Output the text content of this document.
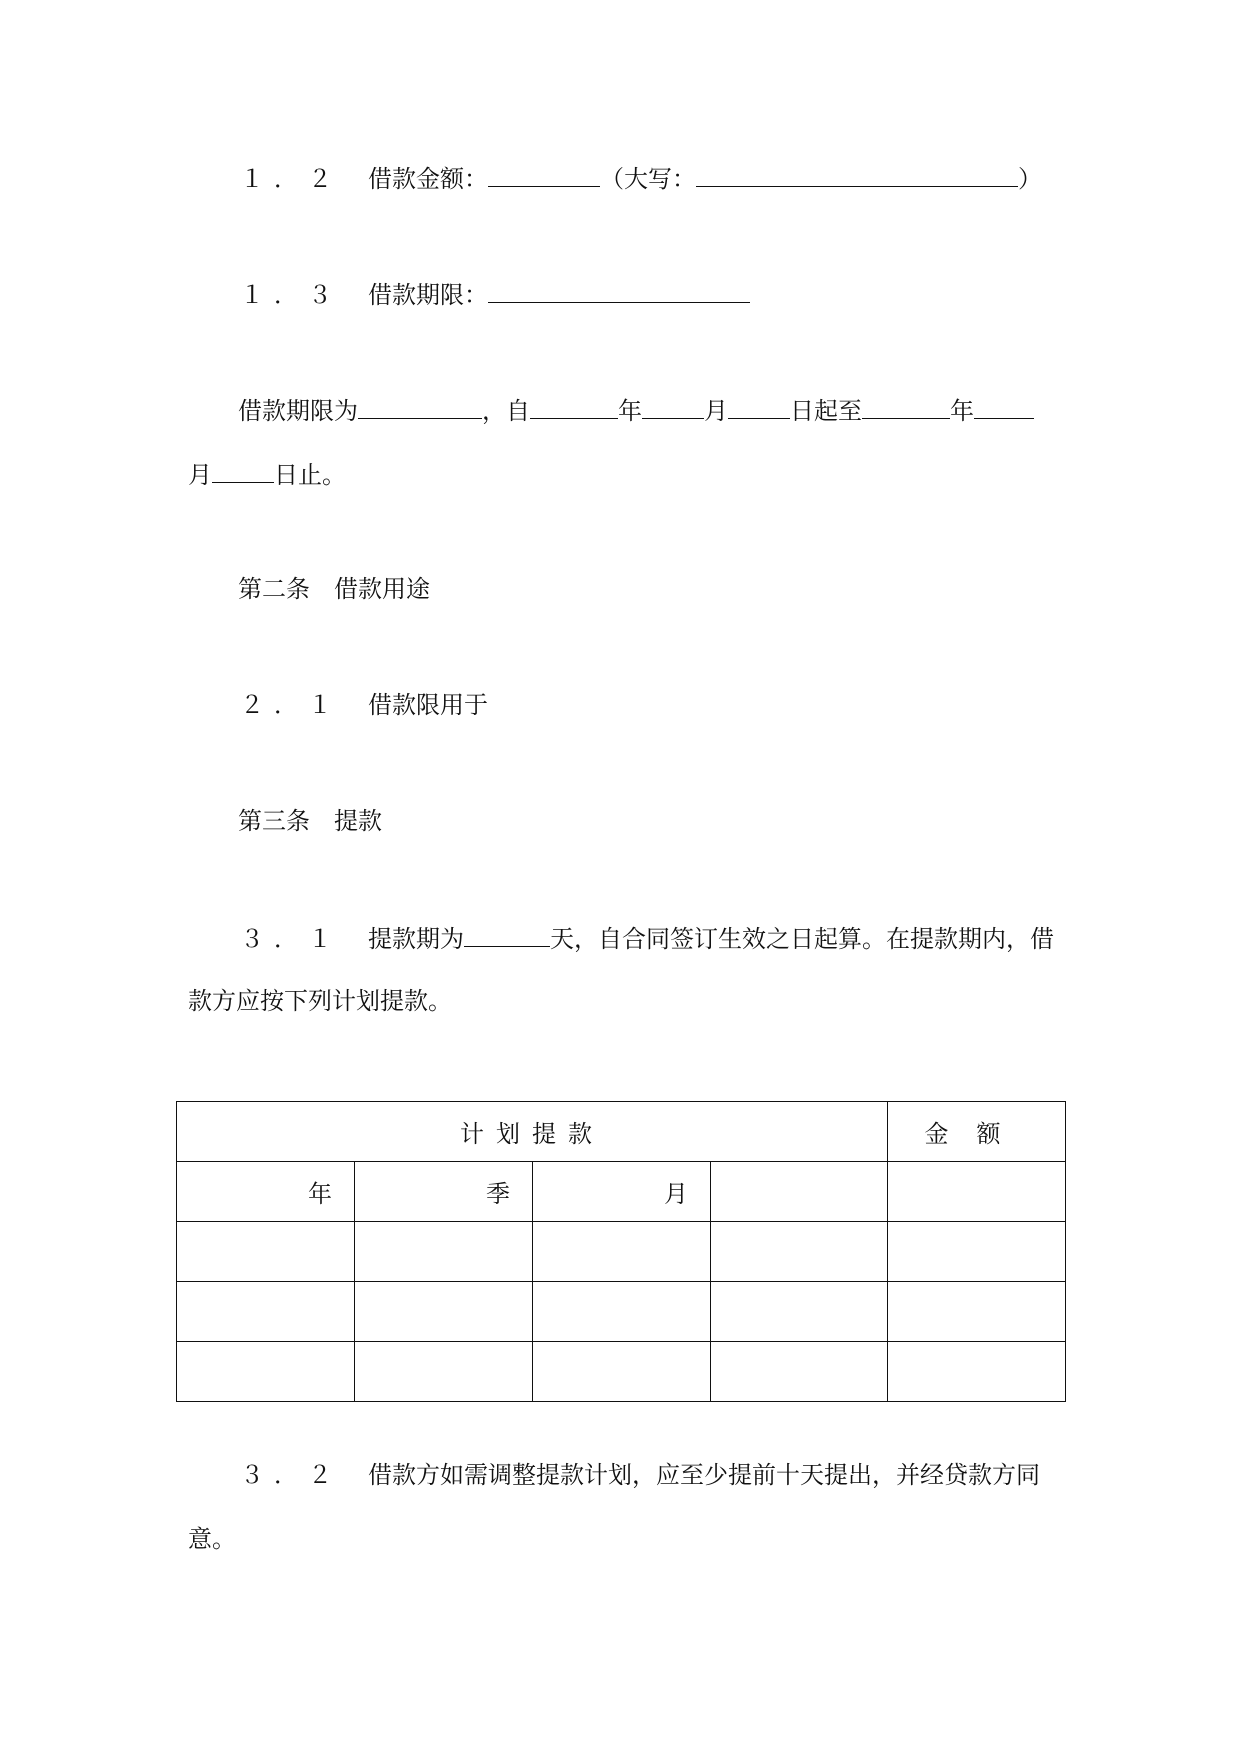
１．２ 借款金额：	（大写：	）

１．３ 借款期限：

借款期限为	，自	年	月	日起至	年

月	日止。

第二条　借款用途

２．１ 借款限用于

第三条　提款

３．１ 提款期为	天，自合同签订生效之日起算。在提款期内，借

款方应按下列计划提款。

计划提款				金额
年	季	月		

３．２ 借款方如需调整提款计划，应至少提前十天提出，并经贷款方同

意。
